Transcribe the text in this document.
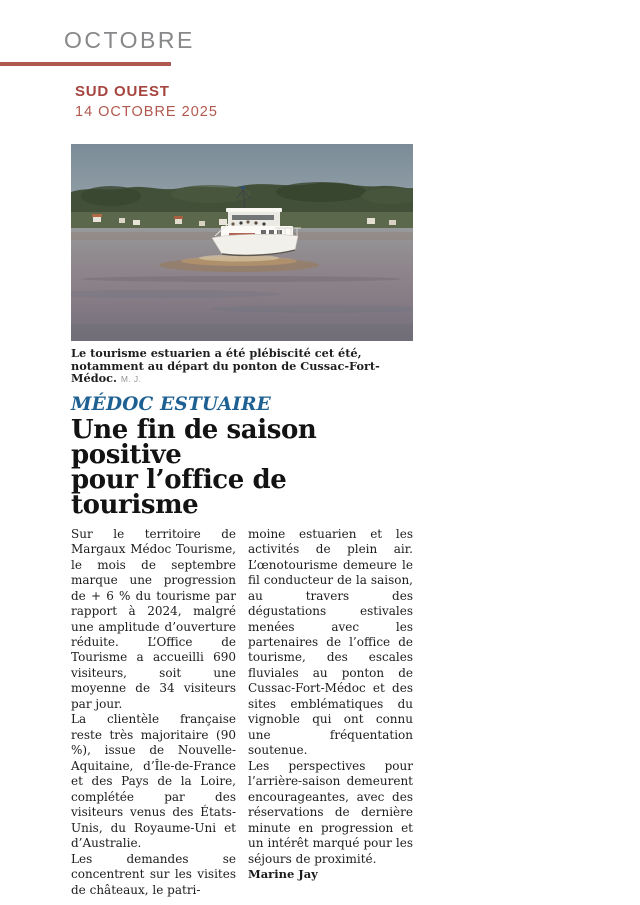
OCTOBRE
SUD OUEST
14 OCTOBRE 2025
Le tourisme estuarien a été plébiscité cet été, notamment au départ du ponton de Cussac-Fort-Médoc. M. J.
MÉDOC ESTUAIRE
Une fin de saison positive
pour l’office de tourisme

Sur le territoire de Margaux Médoc Tourisme, le mois de septembre marque une progression de + 6 % du tourisme par rapport à 2024, malgré une amplitude d’ouverture réduite. L’Office de Tourisme a accueilli 690 visiteurs, soit une moyenne de 34 visiteurs par jour.

La clientèle française reste très majoritaire (90 %), issue de Nouvelle-Aquitaine, d’Île-de-France et des Pays de la Loire, complétée par des visiteurs venus des États-Unis, du Royaume-Uni et d’Australie.

Les demandes se concentrent sur les visites de châteaux, le patri-

moine estuarien et les activités de plein air. L’œnotourisme demeure le fil conducteur de la saison, au travers des dégustations estivales menées avec les partenaires de l’office de tourisme, des escales fluviales au ponton de Cussac-Fort-Médoc et des sites emblématiques du vignoble qui ont connu une fréquentation soutenue.

Les perspectives pour l’arrière-saison demeurent encourageantes, avec des réservations de dernière minute en progression et un intérêt marqué pour les séjours de proximité.

Marine Jay
